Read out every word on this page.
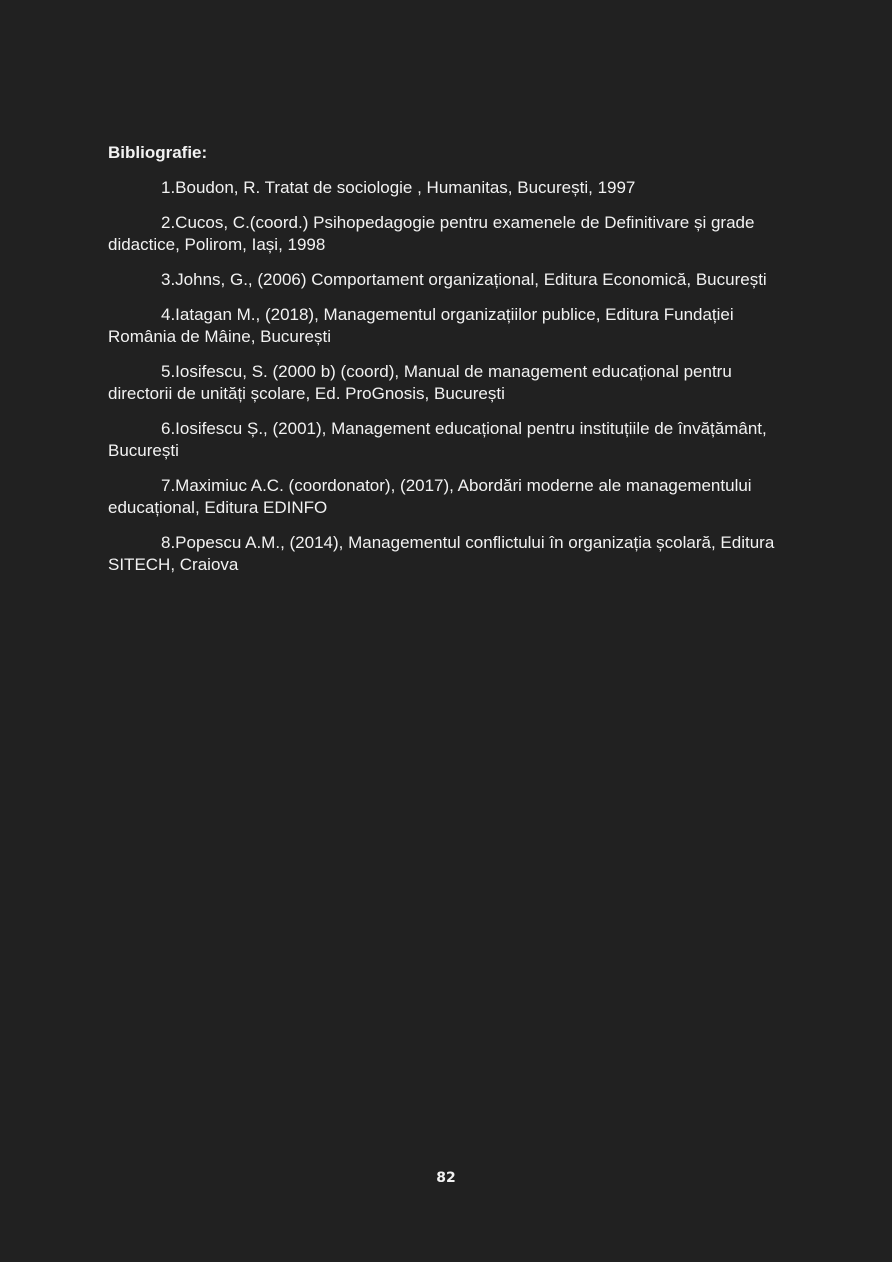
Bibliografie:
1.Boudon, R. Tratat de sociologie , Humanitas, București, 1997
2.Cucos, C.(coord.) Psihopedagogie pentru examenele de Definitivare și grade didactice, Polirom, Iași, 1998
3.Johns, G., (2006) Comportament organizațional, Editura Economică, București
4.Iatagan M., (2018), Managementul organizațiilor publice, Editura Fundației România de Mâine, București
5.Iosifescu, S. (2000 b) (coord), Manual de management educațional pentru directorii de unități școlare, Ed. ProGnosis, București
6.Iosifescu Ș., (2001), Management educațional pentru instituțiile de învățământ, București
7.Maximiuc A.C. (coordonator), (2017), Abordări moderne ale managementului educațional, Editura EDINFO
8.Popescu A.M., (2014), Managementul conflictului în organizația școlară, Editura SITECH, Craiova
82
